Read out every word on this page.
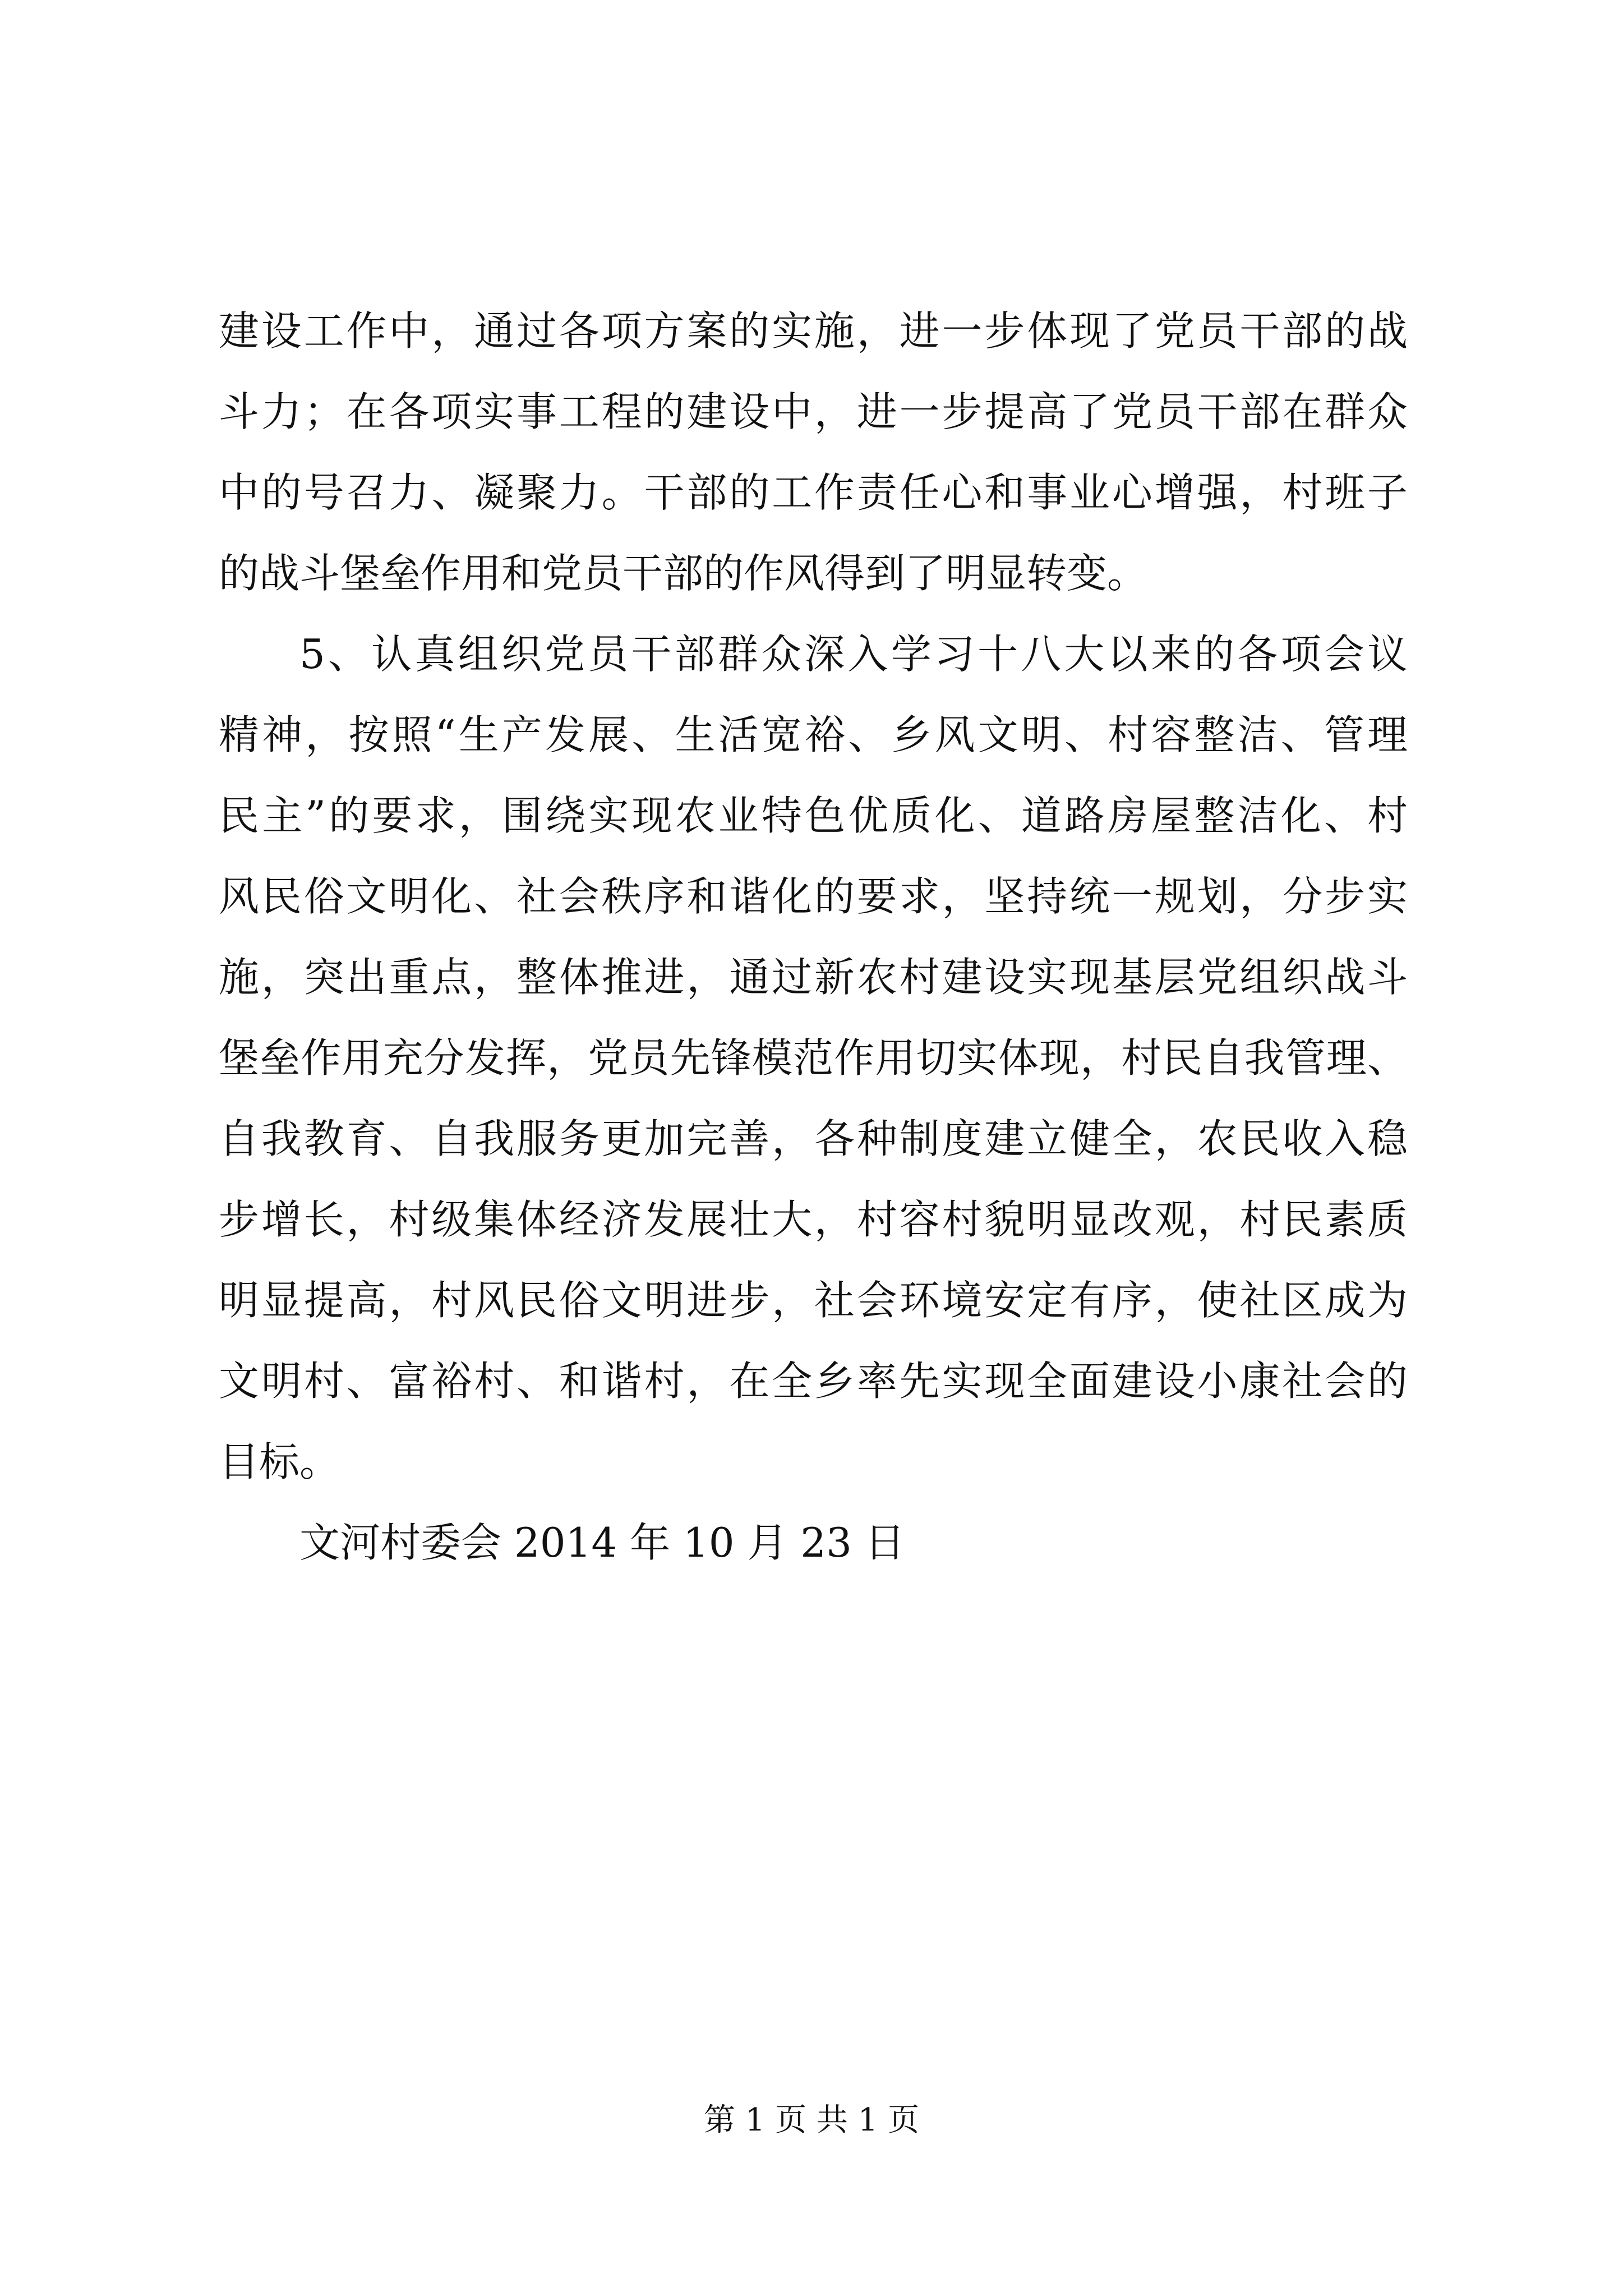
建设工作中，通过各项方案的实施，进一步体现了党员干部的战
斗力；在各项实事工程的建设中，进一步提高了党员干部在群众
中的号召力、凝聚力。干部的工作责任心和事业心增强，村班子
的战斗堡垒作用和党员干部的作风得到了明显转变。
5、认真组织党员干部群众深入学习十八大以来的各项会议
精神，按照“生产发展、生活宽裕、乡风文明、村容整洁、管理
民主”的要求，围绕实现农业特色优质化、道路房屋整洁化、村
风民俗文明化、社会秩序和谐化的要求，坚持统一规划，分步实
施，突出重点，整体推进，通过新农村建设实现基层党组织战斗
堡垒作用充分发挥，党员先锋模范作用切实体现，村民自我管理、
自我教育、自我服务更加完善，各种制度建立健全，农民收入稳
步增长，村级集体经济发展壮大，村容村貌明显改观，村民素质
明显提高，村风民俗文明进步，社会环境安定有序，使社区成为
文明村、富裕村、和谐村，在全乡率先实现全面建设小康社会的
目标。
文河村委会 2014 年 10 月 23 日
第 1 页 共 1 页
